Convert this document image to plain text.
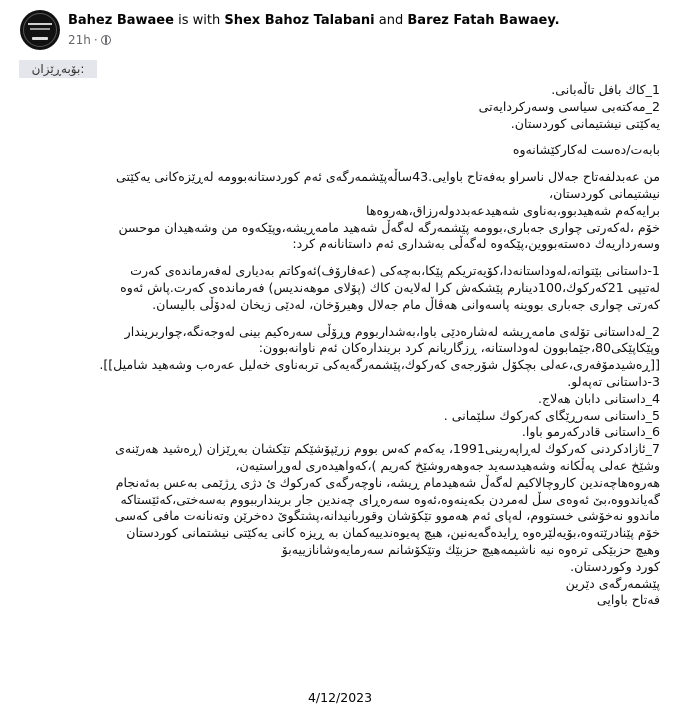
Bahez Bawaee is with Shex Bahoz Talabani and Barez Fatah Bawaey.
21h ·
بۆبەڕێزان:

1_كاك بافل تاڵەبانی.

2_مەكتەبی سیاسی وسەركردایەتی

یەكێتی نیشتیمانی كوردستان.

بابەت/دەست لەكاركێشانەوە

من عەبدلفەتاح جەلال ناسراو بەفەتاح باوایی.43ساڵەپێشمەرگەی ئەم كوردستانەبوومە لەڕێزەكانی یەكێتی

نیشتیمانی كوردستان،

برایەكەم شەهیدبوو،بەناوی شەهیدعەبددولەرزاق،هەروەها

خۆم ،لەكەرتی چواری جەباری،بوومە پێشمەرگە لەگەڵ شەهید مامەڕیشە،وپێكەوە من وشەهیدان موحسن

وسەرداریەك دەستەبووین،پێكەوە لەگەڵی بەشداری ئەم داستانانەم كرد:

1-داستانی بێتواتە،لەوداستانەدا،كۆیەتریكم پێكا،بەچەكی (عەفارۆف)ئەوكاتم بەدیاری لەفەرماندەی كەرت

لەتیپی 21كەركوك،100دینارم پێشكەش كرا لەلایەن كاك (پۆلای موهەندیس) فەرماندەی كەرت.پاش ئەوە

كەرتی چواری جەباری بووینە پاسەوانی هەڤاڵ مام جەلال وهیرۆخان، لەدێی زیخان لەدۆڵی بالیسان.

2_لەداستانی تۆلەی مامەڕیشە لەشارەدێی باوا،بەشداربووم وڕۆڵی سەرەكیم بینی لەوجەنگە،چواربریندار

وپێكاپێكی80،جێمابوون لەوداستانە، ڕزگاریانم كرد بریندارەكان ئەم ناوانەبوون:

[[ڕەشیدمۆفەری،عەلی بچكۆل شۆرجەی كەركوك،پێشمەرگەیەكی تربەناوی خەلیل عەرەب وشەهید شامیل]].

3-داستانی تەپەلو.

4_داستانی دابان هەلاج.

5_داستانی سەرڕێگای كەركوك سلێمانی .

6_داستانی قادركەرمو باوا.

7_ئازادكردنی كەركوك لەڕاپەرینی1991، یەكەم كەس بووم زرێپۆشێكم تێكشان بەڕێزان (ڕەشید هەرێنەی

وشێخ عەلی پەڵكانە وشەهیدسەید جەوهەروشێخ كەریم )،كەواهیدەری لەوڕاستیەن،

هەروەهاچەندین كاروچالاكیم لەگەڵ شەهیدمام ڕیشە، ناوچەرگەی كەركوك ئ دژی ڕژێمی بەعس بەئەنجام

گەیاندووە،بێ ئەوەی سڵ لەمردن بكەینەوە،ئەوە سەرەڕای چەندین جار بریندارببووم بەسەختی،كەئێستاكە

ماندوو نەخۆشی خستووم، لەپای ئەم هەموو تێكۆشان وقوربانیدانە،پشتگوێ دەخرێن وتەنانەت مافی كەسی

خۆم پێنادرێتەوە،بۆیەلێرەوە ڕایدەگەیەنین، هیچ پەیوەندییەكمان بە ڕیزە كانی یەكێتی نیشتمانی كوردستان

وهیچ حزبێكی ترەوە نیە ناشیمەهیچ حزبێك وتێكۆشانم سەرمایەوشانازییەبۆ

كورد وكوردستان.

پێشمەرگەی دێرین

فەتاح باوایی

4/12/2023
